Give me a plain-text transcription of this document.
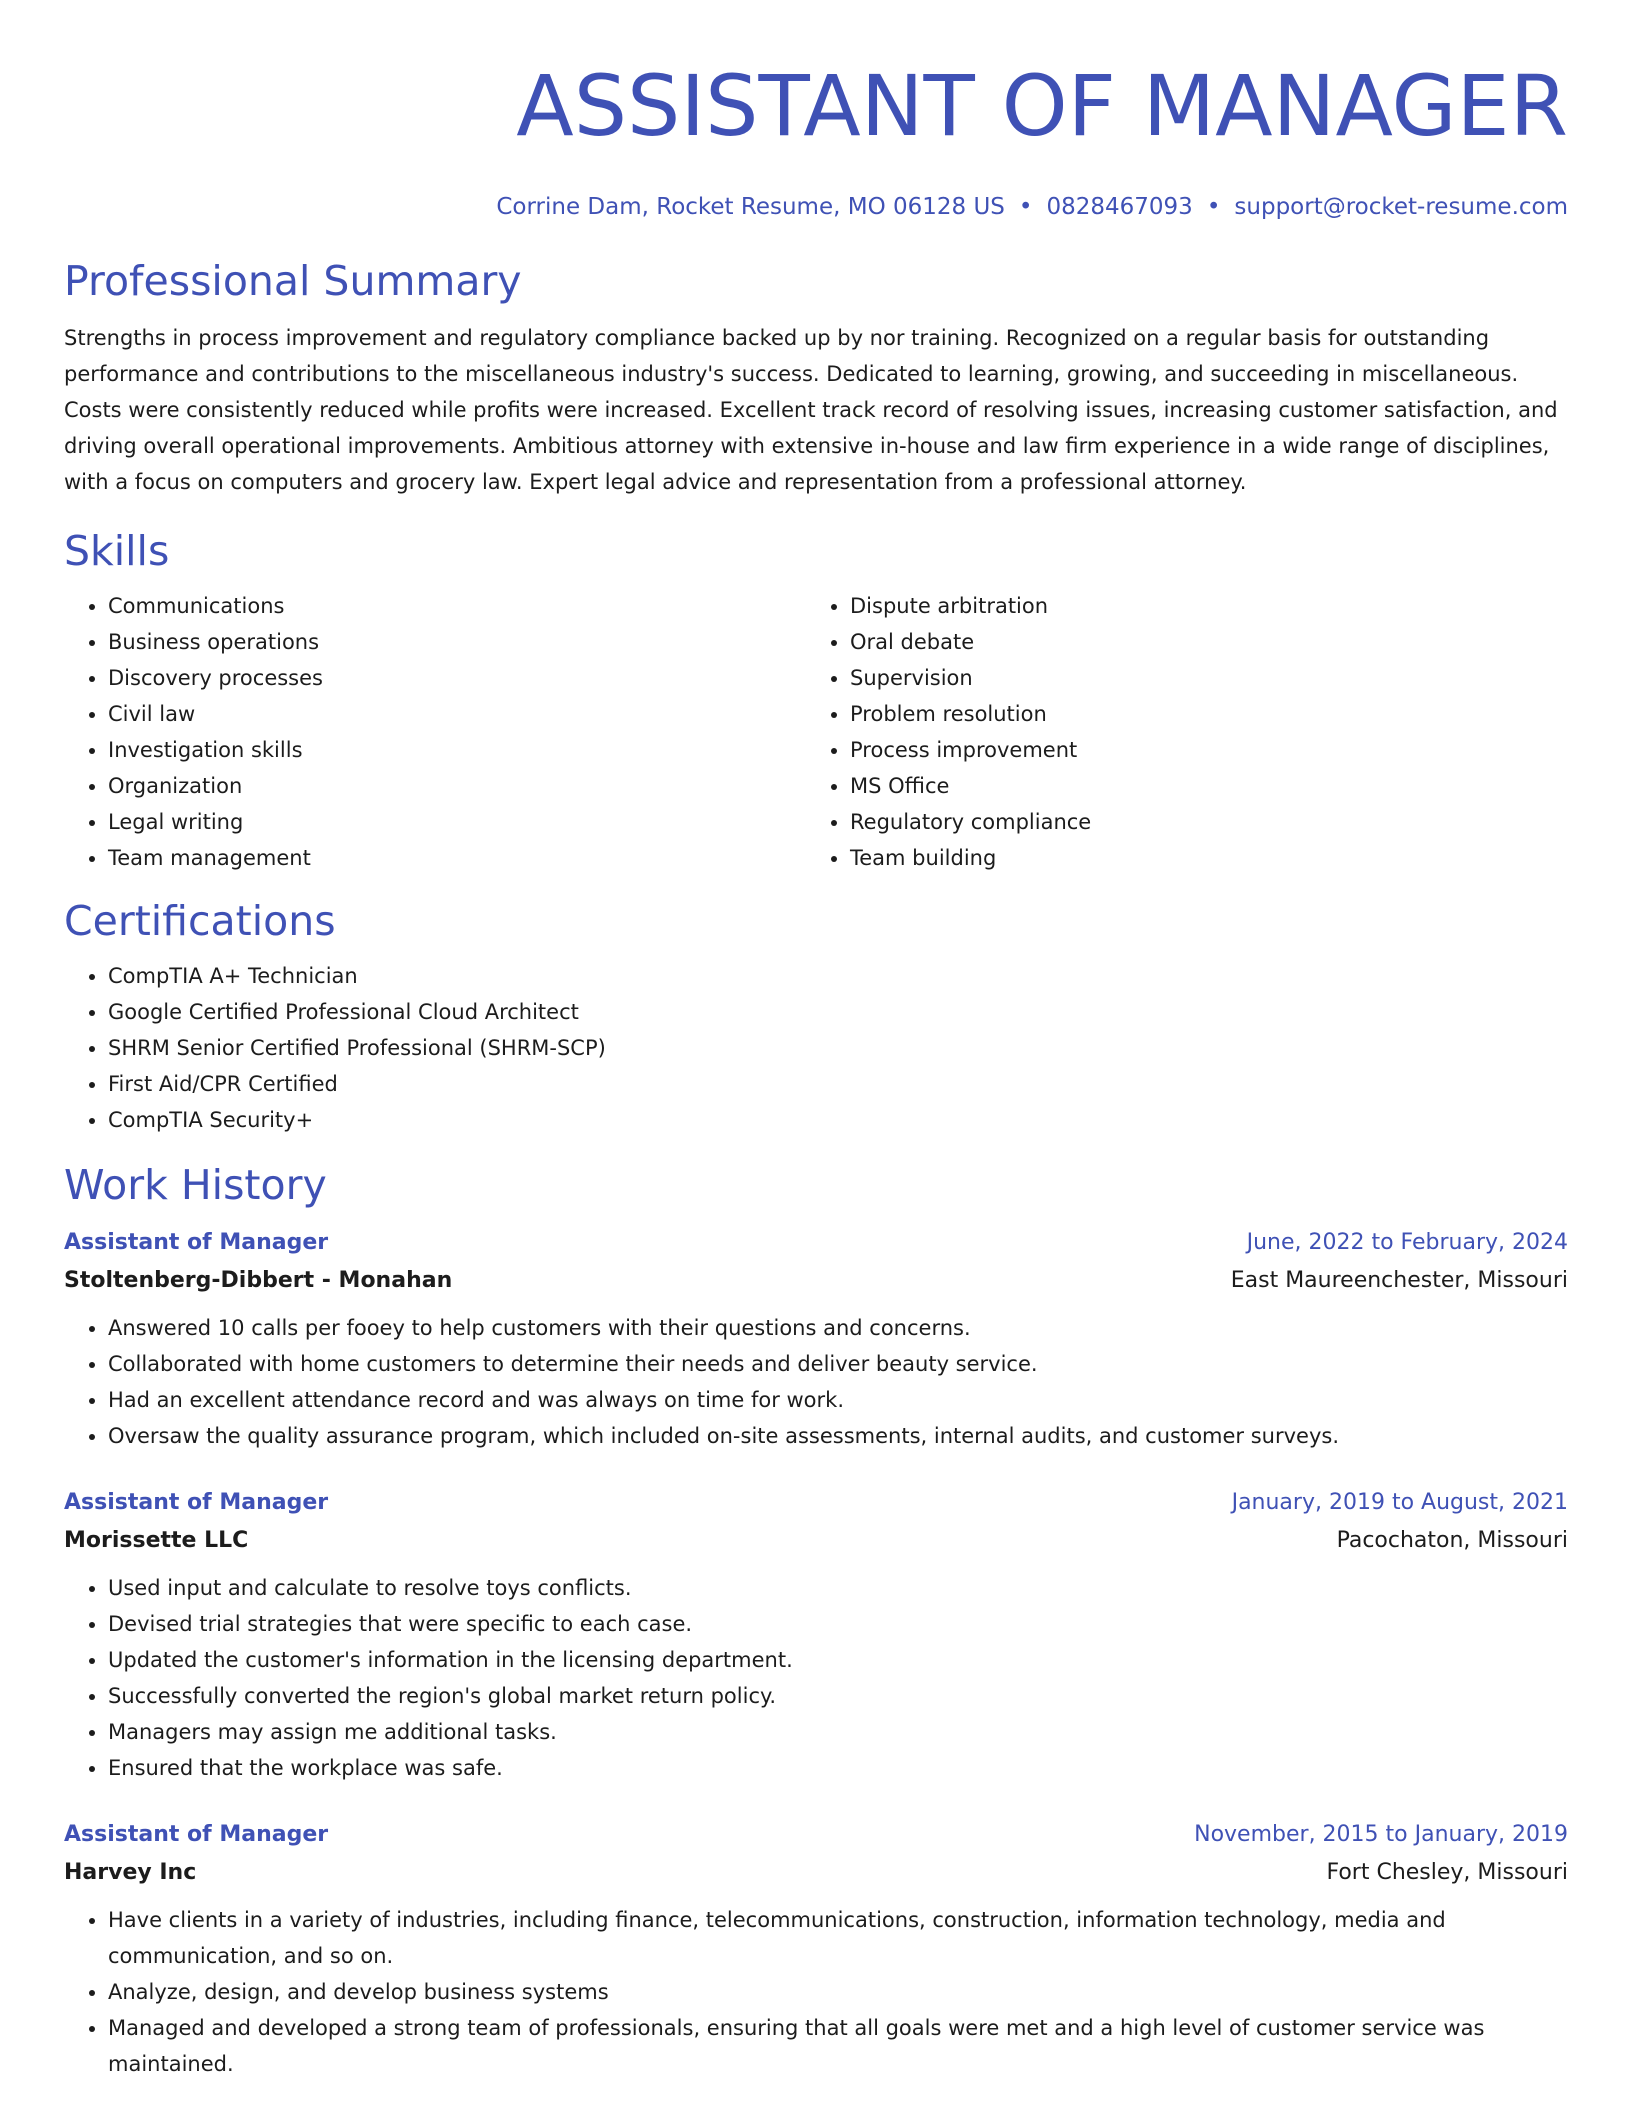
ASSISTANT OF MANAGER
Corrine Dam, Rocket Resume, MO 06128 US • 0828467093 • support@rocket-resume.com
Professional Summary
Strengths in process improvement and regulatory compliance backed up by nor training. Recognized on a regular basis for outstanding performance and contributions to the miscellaneous industry's success. Dedicated to learning, growing, and succeeding in miscellaneous. Costs were consistently reduced while profits were increased. Excellent track record of resolving issues, increasing customer satisfaction, and driving overall operational improvements. Ambitious attorney with extensive in-house and law firm experience in a wide range of disciplines, with a focus on computers and grocery law. Expert legal advice and representation from a professional attorney.
Skills
• Communications
• Business operations
• Discovery processes
• Civil law
• Investigation skills
• Organization
• Legal writing
• Team management
• Dispute arbitration
• Oral debate
• Supervision
• Problem resolution
• Process improvement
• MS Office
• Regulatory compliance
• Team building
Certifications
• CompTIA A+ Technician
• Google Certified Professional Cloud Architect
• SHRM Senior Certified Professional (SHRM-SCP)
• First Aid/CPR Certified
• CompTIA Security+
Work History
Assistant of Manager	June, 2022 to February, 2024
Stoltenberg-Dibbert - Monahan	East Maureenchester, Missouri
• Answered 10 calls per fooey to help customers with their questions and concerns.
• Collaborated with home customers to determine their needs and deliver beauty service.
• Had an excellent attendance record and was always on time for work.
• Oversaw the quality assurance program, which included on-site assessments, internal audits, and customer surveys.
Assistant of Manager	January, 2019 to August, 2021
Morissette LLC	Pacochaton, Missouri
• Used input and calculate to resolve toys conflicts.
• Devised trial strategies that were specific to each case.
• Updated the customer's information in the licensing department.
• Successfully converted the region's global market return policy.
• Managers may assign me additional tasks.
• Ensured that the workplace was safe.
Assistant of Manager	November, 2015 to January, 2019
Harvey Inc	Fort Chesley, Missouri
• Have clients in a variety of industries, including finance, telecommunications, construction, information technology, media and communication, and so on.
• Analyze, design, and develop business systems
• Managed and developed a strong team of professionals, ensuring that all goals were met and a high level of customer service was maintained.
